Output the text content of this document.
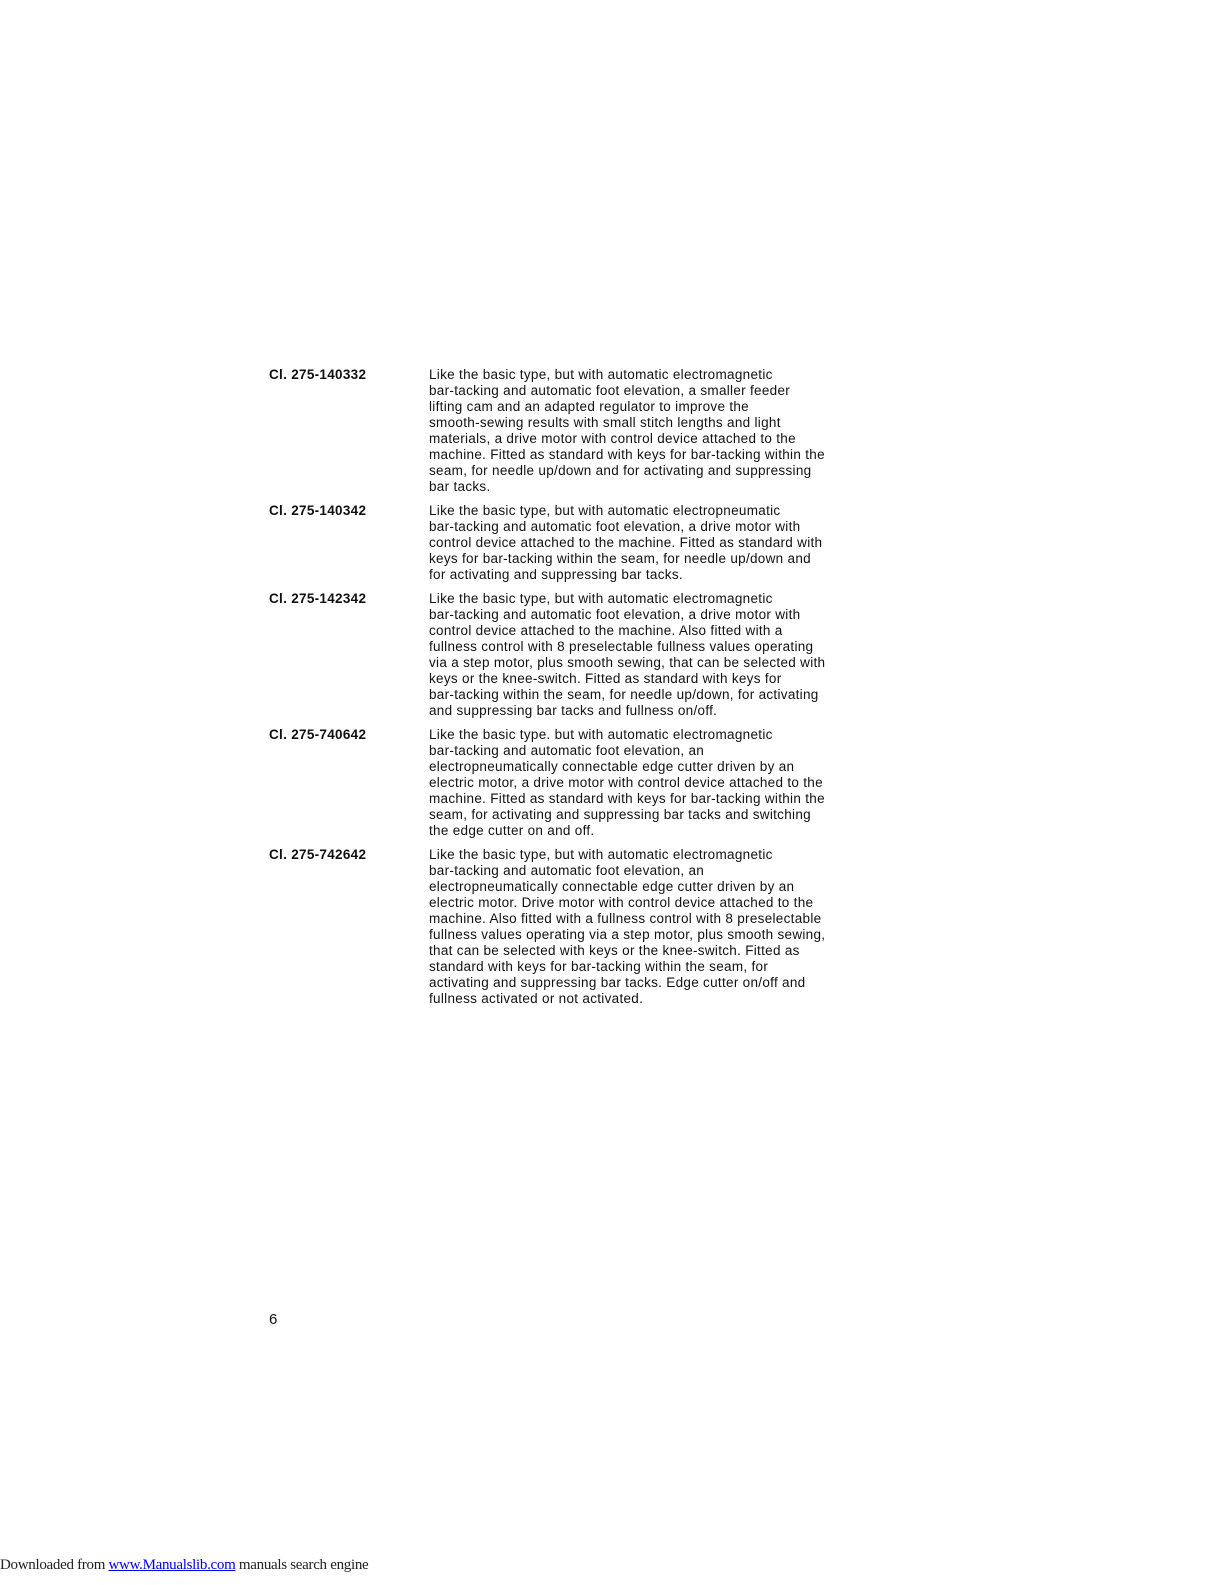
Cl. 275-140332	Like the basic type, but with automatic electromagnetic
bar-tacking and automatic foot elevation, a smaller feeder
lifting cam and an adapted regulator to improve the
smooth-sewing results with small stitch lengths and light
materials, a drive motor with control device attached to the
machine. Fitted as standard with keys for bar-tacking within the
seam, for needle up/down and for activating and suppressing
bar tacks.
Cl. 275-140342	Like the basic type, but with automatic electropneumatic
bar-tacking and automatic foot elevation, a drive motor with
control device attached to the machine. Fitted as standard with
keys for bar-tacking within the seam, for needle up/down and
for activating and suppressing bar tacks.
Cl. 275-142342	Like the basic type, but with automatic electromagnetic
bar-tacking and automatic foot elevation, a drive motor with
control device attached to the machine. Also fitted with a
fullness control with 8 preselectable fullness values operating
via a step motor, plus smooth sewing, that can be selected with
keys or the knee-switch. Fitted as standard with keys for
bar-tacking within the seam, for needle up/down, for activating
and suppressing bar tacks and fullness on/off.
Cl. 275-740642	Like the basic type. but with automatic electromagnetic
bar-tacking and automatic foot elevation, an
electropneumatically connectable edge cutter driven by an
electric motor, a drive motor with control device attached to the
machine. Fitted as standard with keys for bar-tacking within the
seam, for activating and suppressing bar tacks and switching
the edge cutter on and off.
Cl. 275-742642	Like the basic type, but with automatic electromagnetic
bar-tacking and automatic foot elevation, an
electropneumatically connectable edge cutter driven by an
electric motor. Drive motor with control device attached to the
machine. Also fitted with a fullness control with 8 preselectable
fullness values operating via a step motor, plus smooth sewing,
that can be selected with keys or the knee-switch. Fitted as
standard with keys for bar-tacking within the seam, for
activating and suppressing bar tacks. Edge cutter on/off and
fullness activated or not activated.
6
Downloaded from www.Manualslib.com manuals search engine
